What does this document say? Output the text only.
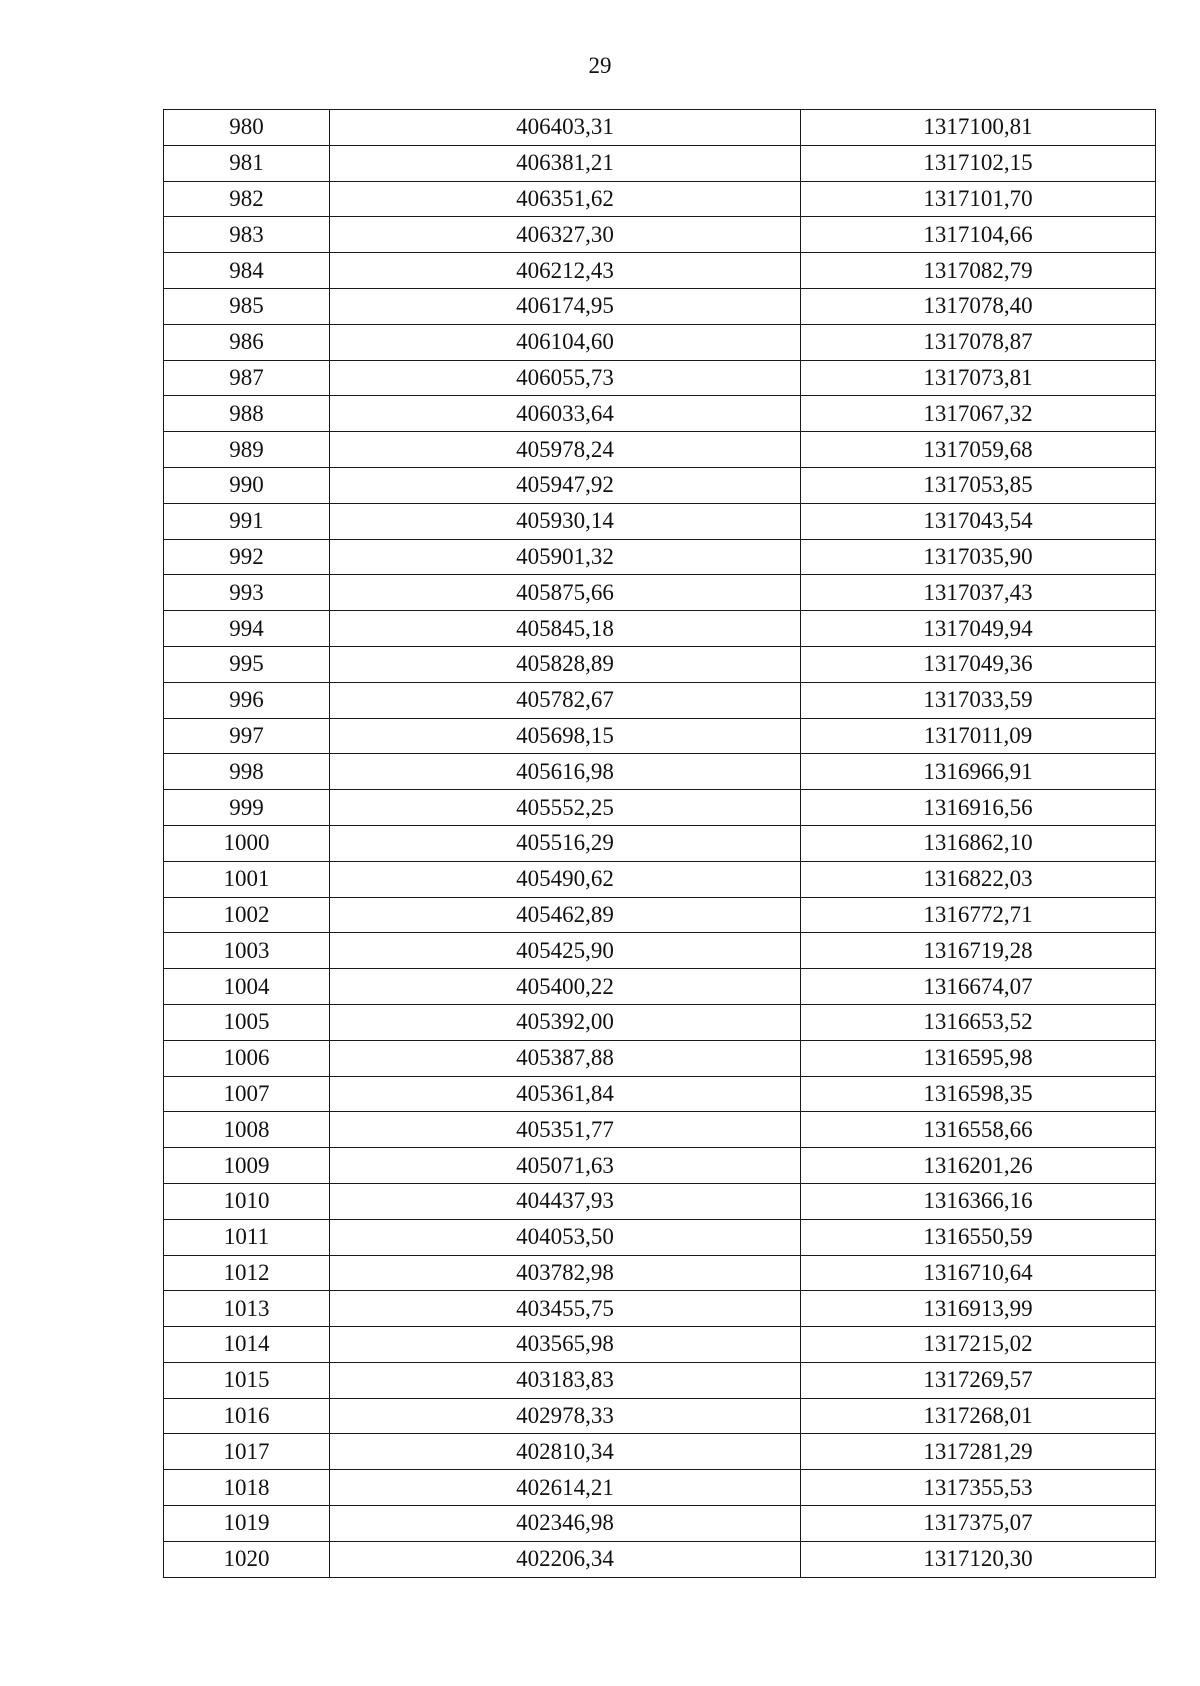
29
980	406403,31	1317100,81
981	406381,21	1317102,15
982	406351,62	1317101,70
983	406327,30	1317104,66
984	406212,43	1317082,79
985	406174,95	1317078,40
986	406104,60	1317078,87
987	406055,73	1317073,81
988	406033,64	1317067,32
989	405978,24	1317059,68
990	405947,92	1317053,85
991	405930,14	1317043,54
992	405901,32	1317035,90
993	405875,66	1317037,43
994	405845,18	1317049,94
995	405828,89	1317049,36
996	405782,67	1317033,59
997	405698,15	1317011,09
998	405616,98	1316966,91
999	405552,25	1316916,56
1000	405516,29	1316862,10
1001	405490,62	1316822,03
1002	405462,89	1316772,71
1003	405425,90	1316719,28
1004	405400,22	1316674,07
1005	405392,00	1316653,52
1006	405387,88	1316595,98
1007	405361,84	1316598,35
1008	405351,77	1316558,66
1009	405071,63	1316201,26
1010	404437,93	1316366,16
1011	404053,50	1316550,59
1012	403782,98	1316710,64
1013	403455,75	1316913,99
1014	403565,98	1317215,02
1015	403183,83	1317269,57
1016	402978,33	1317268,01
1017	402810,34	1317281,29
1018	402614,21	1317355,53
1019	402346,98	1317375,07
1020	402206,34	1317120,30
